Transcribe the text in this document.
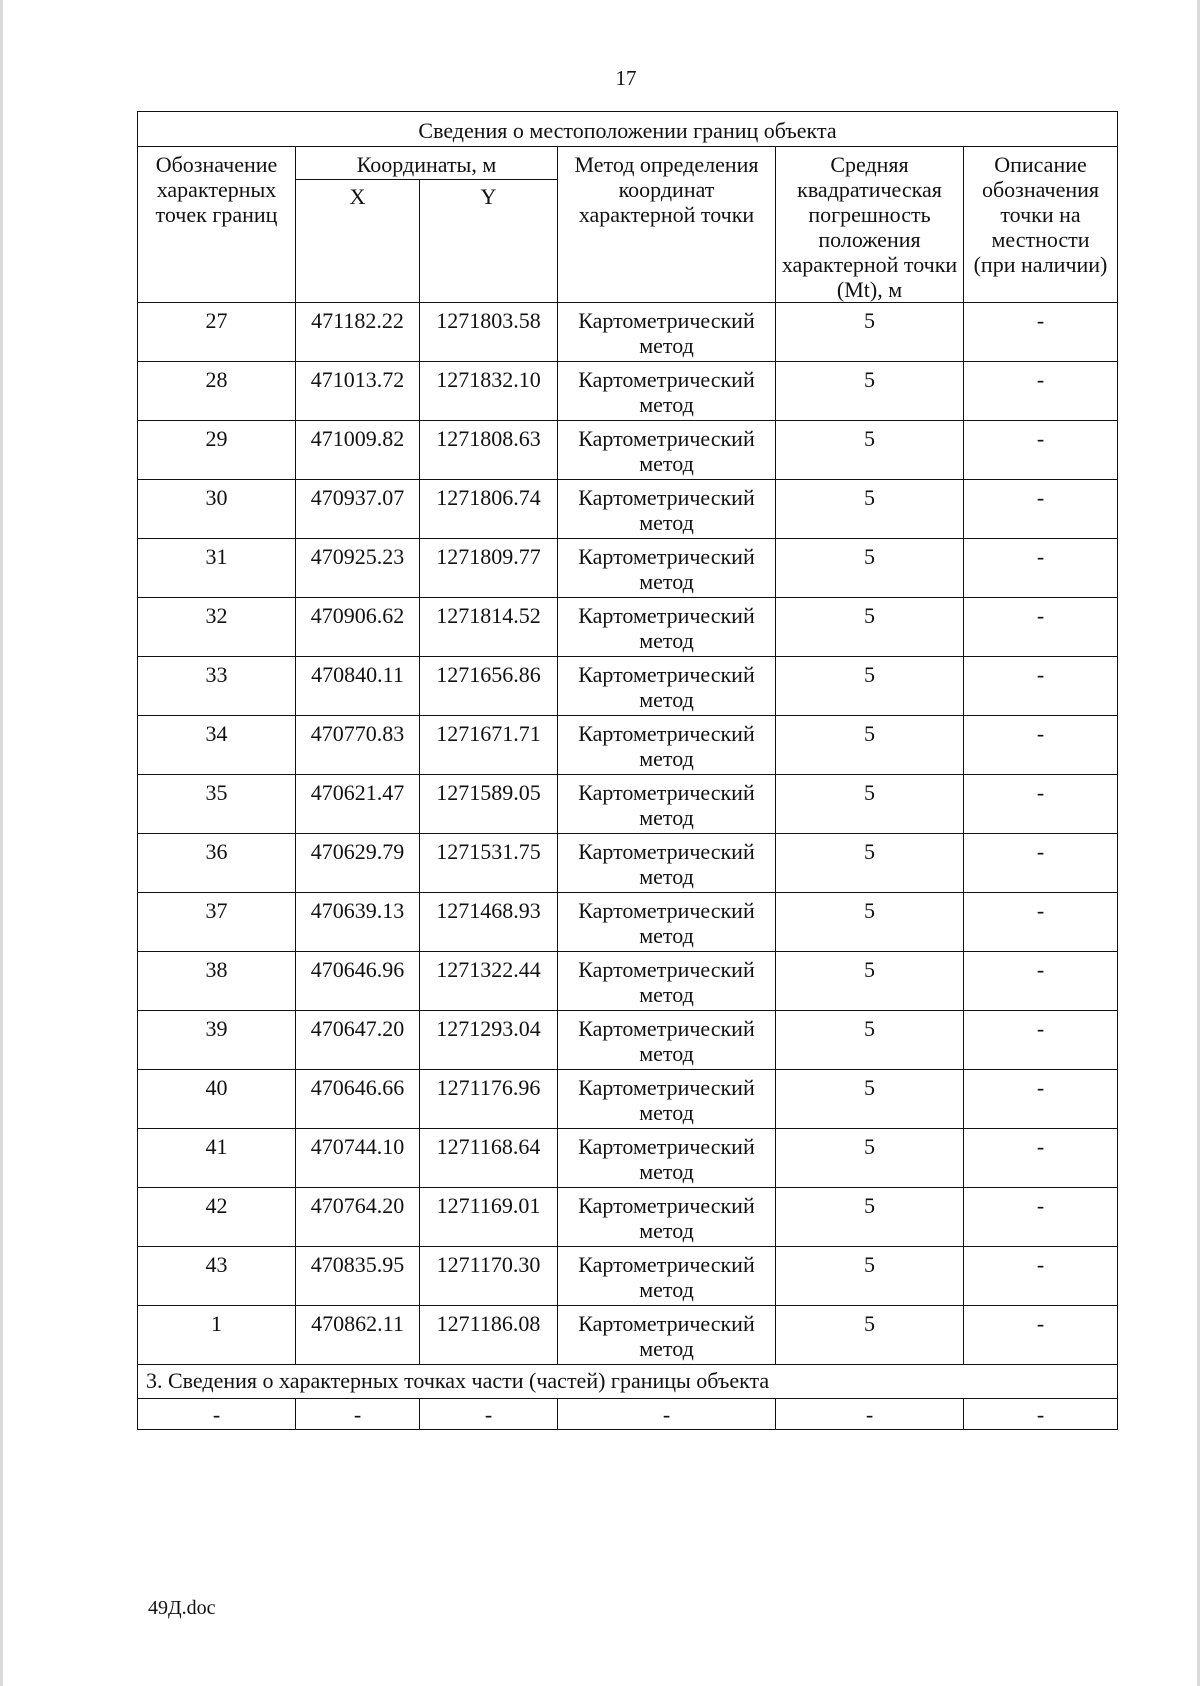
17
Сведения о местоположении границ объекта					
Обозначение характерных точек границ	Координаты, м		Метод определения координат характерной точки	Средняя квадратическая погрешность положения характерной точки (Mt), м	Описание обозначения точки на местности (при наличии)
	X	Y			
27	471182.22	1271803.58	Картометрический метод	5	-
28	471013.72	1271832.10	Картометрический метод	5	-
29	471009.82	1271808.63	Картометрический метод	5	-
30	470937.07	1271806.74	Картометрический метод	5	-
31	470925.23	1271809.77	Картометрический метод	5	-
32	470906.62	1271814.52	Картометрический метод	5	-
33	470840.11	1271656.86	Картометрический метод	5	-
34	470770.83	1271671.71	Картометрический метод	5	-
35	470621.47	1271589.05	Картометрический метод	5	-
36	470629.79	1271531.75	Картометрический метод	5	-
37	470639.13	1271468.93	Картометрический метод	5	-
38	470646.96	1271322.44	Картометрический метод	5	-
39	470647.20	1271293.04	Картометрический метод	5	-
40	470646.66	1271176.96	Картометрический метод	5	-
41	470744.10	1271168.64	Картометрический метод	5	-
42	470764.20	1271169.01	Картометрический метод	5	-
43	470835.95	1271170.30	Картометрический метод	5	-
1	470862.11	1271186.08	Картометрический метод	5	-
3. Сведения о характерных точках части (частей) границы объекта					
-	-	-	-	-	-
49Д.doc
